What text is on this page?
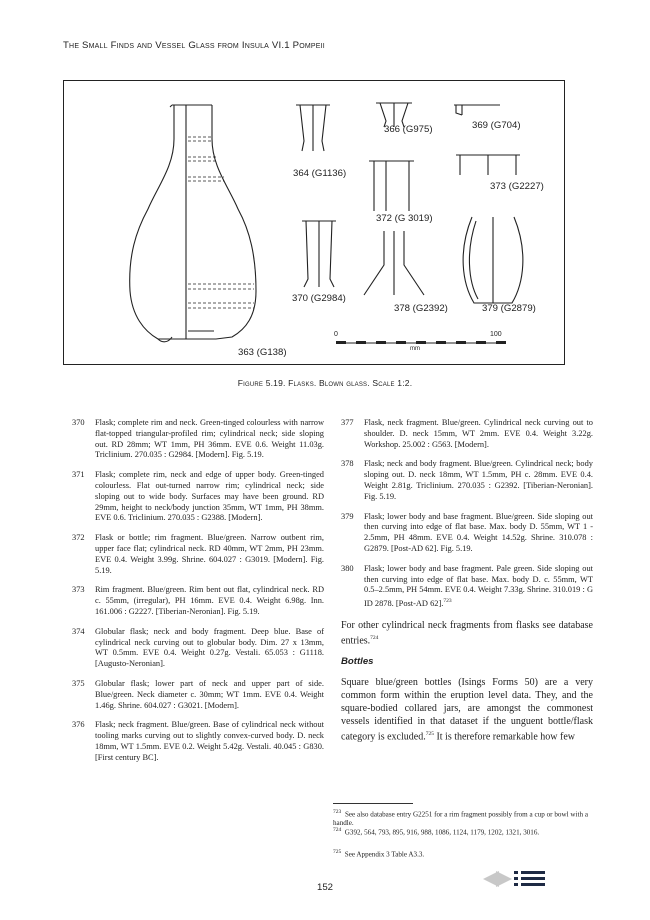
The Small Finds and Vessel Glass from Insula VI.1 Pompeii
363 (G138)
364 (G1136)
366 (G975)	369 (G704)
372 (G 3019)
373 (G2227)
370 (G2984)
378 (G2392)	379 (G2879)
0	100
mm
Figure 5.19. Flasks. Blown glass. Scale 1:2.
370 Flask; complete rim and neck. Green-tinged colourless with narrow flat-topped triangular-profiled rim; cylindrical neck; side sloping out. RD 28mm; WT 1mm, PH 36mm. EVE 0.6. Weight 11.03g. Triclinium. 270.035 : G2984. [Modern]. Fig. 5.19.
371 Flask; complete rim, neck and edge of upper body. Green-tinged colourless. Flat out-turned narrow rim; cylindrical neck; side sloping out to wide body. Surfaces may have been ground. RD 29mm, height to neck/body junction 35mm, WT 1mm, PH 38mm. EVE 0.6. Triclinium. 270.035 : G2388. [Modern].
372 Flask or bottle; rim fragment. Blue/green. Narrow outbent rim, upper face flat; cylindrical neck. RD 40mm, WT 2mm, PH 23mm. EVE 0.4. Weight 3.99g. Shrine. 604.027 : G3019. [Modern]. Fig. 5.19.
373 Rim fragment. Blue/green. Rim bent out flat, cylindrical neck. RD c. 55mm, (irregular), PH 16mm. EVE 0.4. Weight 6.98g. Inn. 161.006 : G2227. [Tiberian-Neronian]. Fig. 5.19.
374 Globular flask; neck and body fragment. Deep blue. Base of cylindrical neck curving out to globular body. Dim. 27 x 13mm, WT 0.5mm. EVE 0.4. Weight 0.27g. Vestali. 65.053 : G1118. [Augusto-Neronian].
375 Globular flask; lower part of neck and upper part of side. Blue/green. Neck diameter c. 30mm; WT 1mm. EVE 0.4. Weight 1.46g. Shrine. 604.027 : G3021. [Modern].
376 Flask; neck fragment. Blue/green. Base of cylindrical neck without tooling marks curving out to slightly convex-curved body. D. neck 18mm, WT 1.5mm. EVE 0.2. Weight 5.42g. Vestali. 40.045 : G830. [First century BC].
377 Flask, neck fragment. Blue/green. Cylindrical neck curving out to shoulder. D. neck 15mm, WT 2mm. EVE 0.4. Weight 3.22g. Workshop. 25.002 : G563. [Modern].
378 Flask; neck and body fragment. Blue/green. Cylindrical neck; body sloping out. D. neck 18mm, WT 1.5mm, PH c. 28mm. EVE 0.4. Weight 2.81g. Triclinium. 270.035 : G2392. [Tiberian-Neronian]. Fig. 5.19.
379 Flask; lower body and base fragment. Blue/green. Side sloping out then curving into edge of flat base. Max. body D. 55mm, WT 1 - 2.5mm, PH 48mm. EVE 0.4. Weight 14.52g. Shrine. 310.078 : G2879. [Post-AD 62]. Fig. 5.19.
380 Flask; lower body and base fragment. Pale green. Side sloping out then curving into edge of flat base. Max. body D. c. 55mm, WT 0.5–2.5mm, PH 54mm. EVE 0.4. Weight 7.33g. Shrine. 310.019 : G ID 2878. [Post-AD 62].$^{723}$

For other cylindrical neck fragments from flasks see database entries.$^{724}$

Bottles

Square blue/green bottles (Isings Forms 50) are a very common form within the eruption level data. They, and the square-bodied collared jars, are amongst the commonest vessels identified in that dataset if the unguent bottle/flask category is excluded.$^{725}$ It is therefore remarkable how few

$^{723}$ See also database entry G2251 for a rim fragment possibly from a cup or bowl with a handle.
$^{724}$ G392, 564, 793, 895, 916, 988, 1086, 1124, 1179, 1202, 1321, 3016.
$^{725}$ See Appendix 3 Table A3.3.
152
